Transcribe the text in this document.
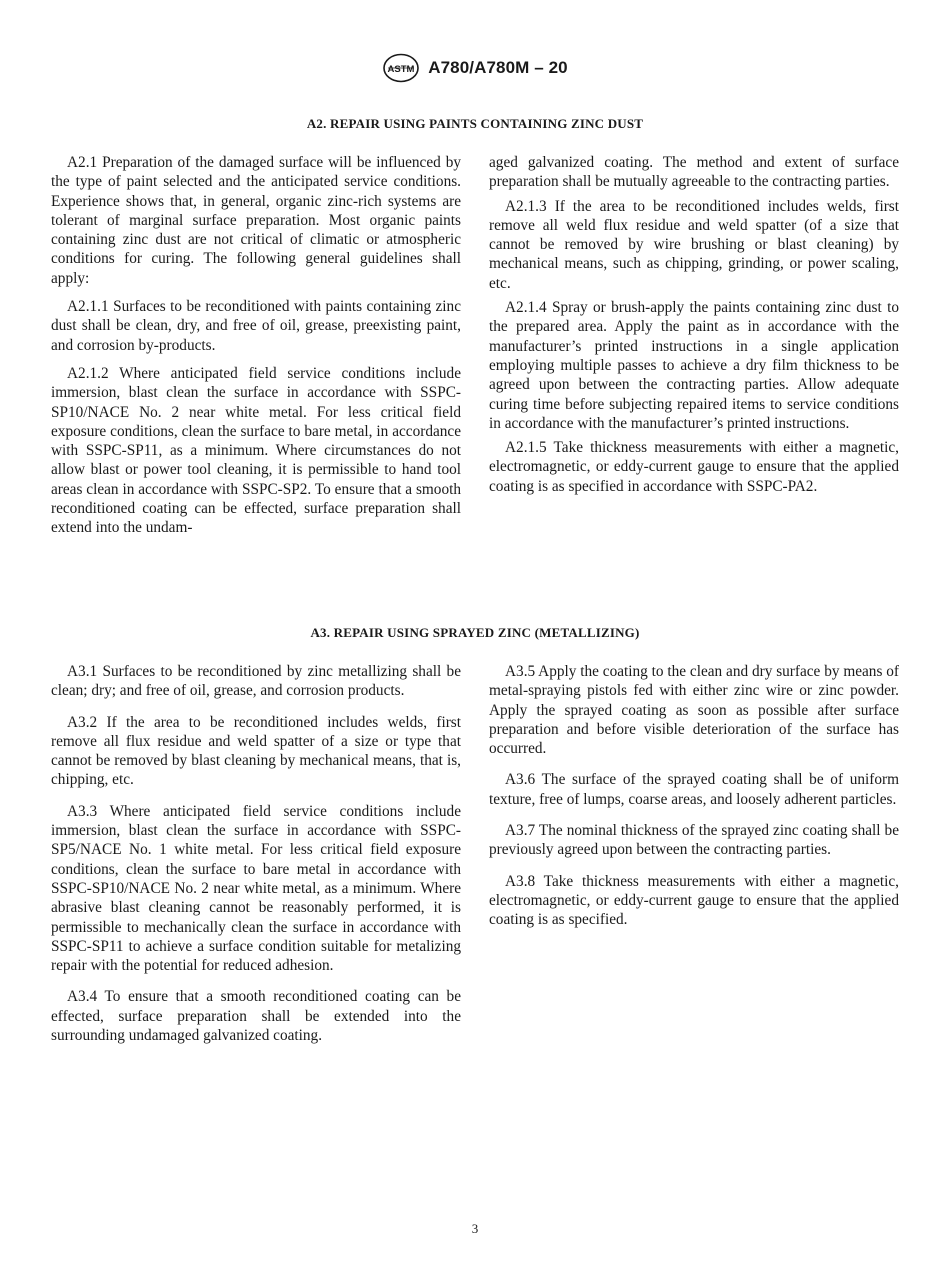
ASTM A780/A780M – 20
A2. REPAIR USING PAINTS CONTAINING ZINC DUST

A2.1 Preparation of the damaged surface will be influenced by the type of paint selected and the anticipated service conditions. Experience shows that, in general, organic zinc-rich systems are tolerant of marginal surface preparation. Most organic paints containing zinc dust are not critical of climatic or atmospheric conditions for curing. The following general guidelines shall apply:

A2.1.1 Surfaces to be reconditioned with paints containing zinc dust shall be clean, dry, and free of oil, grease, preexisting paint, and corrosion by-products.

A2.1.2 Where anticipated field service conditions include immersion, blast clean the surface in accordance with SSPC-SP10/NACE No. 2 near white metal. For less critical field exposure conditions, clean the surface to bare metal, in accordance with SSPC-SP11, as a minimum. Where circumstances do not allow blast or power tool cleaning, it is permissible to hand tool areas clean in accordance with SSPC-SP2. To ensure that a smooth reconditioned coating can be effected, surface preparation shall extend into the undam-

aged galvanized coating. The method and extent of surface preparation shall be mutually agreeable to the contracting parties.

A2.1.3 If the area to be reconditioned includes welds, first remove all weld flux residue and weld spatter (of a size that cannot be removed by wire brushing or blast cleaning) by mechanical means, such as chipping, grinding, or power scaling, etc.

A2.1.4 Spray or brush-apply the paints containing zinc dust to the prepared area. Apply the paint as in accordance with the manufacturer’s printed instructions in a single application employing multiple passes to achieve a dry film thickness to be agreed upon between the contracting parties. Allow adequate curing time before subjecting repaired items to service conditions in accordance with the manufacturer’s printed instructions.

A2.1.5 Take thickness measurements with either a magnetic, electromagnetic, or eddy-current gauge to ensure that the applied coating is as specified in accordance with SSPC-PA2.

A3. REPAIR USING SPRAYED ZINC (METALLIZING)

A3.1 Surfaces to be reconditioned by zinc metallizing shall be clean; dry; and free of oil, grease, and corrosion products.

A3.2 If the area to be reconditioned includes welds, first remove all flux residue and weld spatter of a size or type that cannot be removed by blast cleaning by mechanical means, that is, chipping, etc.

A3.3 Where anticipated field service conditions include immersion, blast clean the surface in accordance with SSPC-SP5/NACE No. 1 white metal. For less critical field exposure conditions, clean the surface to bare metal in accordance with SSPC-SP10/NACE No. 2 near white metal, as a minimum. Where abrasive blast cleaning cannot be reasonably performed, it is permissible to mechanically clean the surface in accordance with SSPC-SP11 to achieve a surface condition suitable for metalizing repair with the potential for reduced adhesion.

A3.4 To ensure that a smooth reconditioned coating can be effected, surface preparation shall be extended into the surrounding undamaged galvanized coating.

A3.5 Apply the coating to the clean and dry surface by means of metal-spraying pistols fed with either zinc wire or zinc powder. Apply the sprayed coating as soon as possible after surface preparation and before visible deterioration of the surface has occurred.

A3.6 The surface of the sprayed coating shall be of uniform texture, free of lumps, coarse areas, and loosely adherent particles.

A3.7 The nominal thickness of the sprayed zinc coating shall be previously agreed upon between the contracting parties.

A3.8 Take thickness measurements with either a magnetic, electromagnetic, or eddy-current gauge to ensure that the applied coating is as specified.

3
